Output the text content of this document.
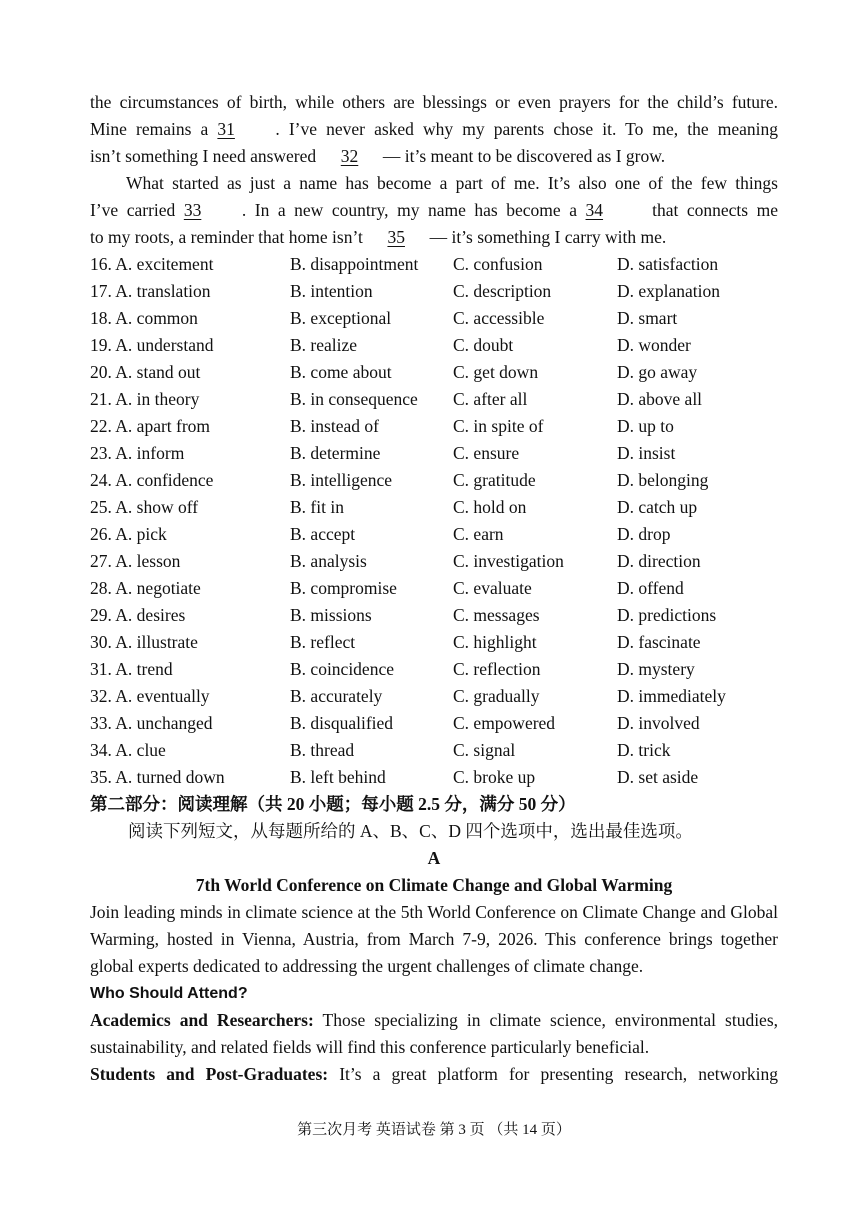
the circumstances of birth, while others are blessings or even prayers for the child’s future.
Mine remains a 31 . I’ve never asked why my parents chose it. To me, the meaning
isn’t something I need answered 32 — it’s meant to be discovered as I grow.
What started as just a name has become a part of me. It’s also one of the few things
I’ve carried 33 . In a new country, my name has become a 34	that connects me
to my roots, a reminder that home isn’t 35 — it’s something I carry with me.
16. A. excitement	B. disappointment	C. confusion	D. satisfaction
17. A. translation	B. intention	C. description	D. explanation
18. A. common	B. exceptional	C. accessible	D. smart
19. A. understand	B. realize	C. doubt	D. wonder
20. A. stand out	B. come about	C. get down	D. go away
21. A. in theory	B. in consequence	C. after all	D. above all
22. A. apart from	B. instead of	C. in spite of	D. up to
23. A. inform	B. determine	C. ensure	D. insist
24. A. confidence	B. intelligence	C. gratitude	D. belonging
25. A. show off	B. fit in	C. hold on	D. catch up
26. A. pick	B. accept	C. earn	D. drop
27. A. lesson	B. analysis	C. investigation	D. direction
28. A. negotiate	B. compromise	C. evaluate	D. offend
29. A. desires	B. missions	C. messages	D. predictions
30. A. illustrate	B. reflect	C. highlight	D. fascinate
31. A. trend	B. coincidence	C. reflection	D. mystery
32. A. eventually	B. accurately	C. gradually	D. immediately
33. A. unchanged	B. disqualified	C. empowered	D. involved
34. A. clue	B. thread	C. signal	D. trick
35. A. turned down	B. left behind	C. broke up	D. set aside
第二部分：阅读理解（共 20 小题；每小题 2.5 分，满分 50 分）
阅读下列短文，从每题所给的 A、B、C、D 四个选项中，选出最佳选项。
A
7th World Conference on Climate Change and Global Warming
Join leading minds in climate science at the 5th World Conference on Climate Change and Global Warming, hosted in Vienna, Austria, from March 7-9, 2026. This conference brings together global experts dedicated to addressing the urgent challenges of climate change.
Who Should Attend?
Academics and Researchers: Those specializing in climate science, environmental studies, sustainability, and related fields will find this conference particularly beneficial.
Students and Post-Graduates: It’s a great platform for presenting research, networking
第三次月考 英语试卷 第 3 页 （共 14 页）
